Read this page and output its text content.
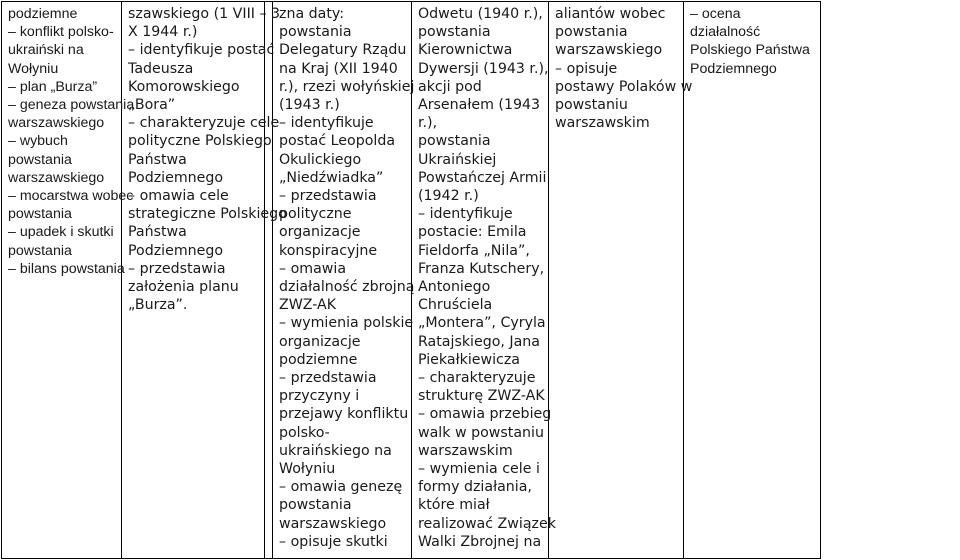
podziemne
– konflikt polsko-
ukraiński na
Wołyniu
– plan „Burza”
– geneza powstania
warszawskiego
– wybuch
powstania
warszawskiego
– mocarstwa wobec
powstania
– upadek i skutki
powstania
– bilans powstania

szawskiego (1 VIII – 3
X 1944 r.)
– identyfikuje postać
Tadeusza
Komorowskiego
„Bora”
– charakteryzuje cele
polityczne Polskiego
Państwa
Podziemnego
– omawia cele
strategiczne Polskiego
Państwa
Podziemnego
– przedstawia
założenia planu
„Burza”.

zna daty:
powstania
Delegatury Rządu
na Kraj (XII 1940
r.), rzezi wołyńskiej
(1943 r.)
– identyfikuje
postać Leopolda
Okulickiego
„Niedźwiadka”
– przedstawia
polityczne
organizacje
konspiracyjne
– omawia
działalność zbrojną
ZWZ-AK
– wymienia polskie
organizacje
podziemne
– przedstawia
przyczyny i
przejawy konfliktu
polsko-
ukraińskiego na
Wołyniu
– omawia genezę
powstania
warszawskiego
– opisuje skutki

Odwetu (1940 r.),
powstania
Kierownictwa
Dywersji (1943 r.),
akcji pod
Arsenałem (1943
r.),
powstania
Ukraińskiej
Powstańczej Armii
(1942 r.)
– identyfikuje
postacie: Emila
Fieldorfa „Nila”,
Franza Kutschery,
Antoniego
Chruściela
„Montera”, Cyryla
Ratajskiego, Jana
Piekałkiewicza
– charakteryzuje
strukturę ZWZ-AK
– omawia przebieg
walk w powstaniu
warszawskim
– wymienia cele i
formy działania,
które miał
realizować Związek
Walki Zbrojnej na

aliantów wobec
powstania
warszawskiego
– opisuje
postawy Polaków w
powstaniu
warszawskim

– ocena
działalność
Polskiego Państwa
Podziemnego
